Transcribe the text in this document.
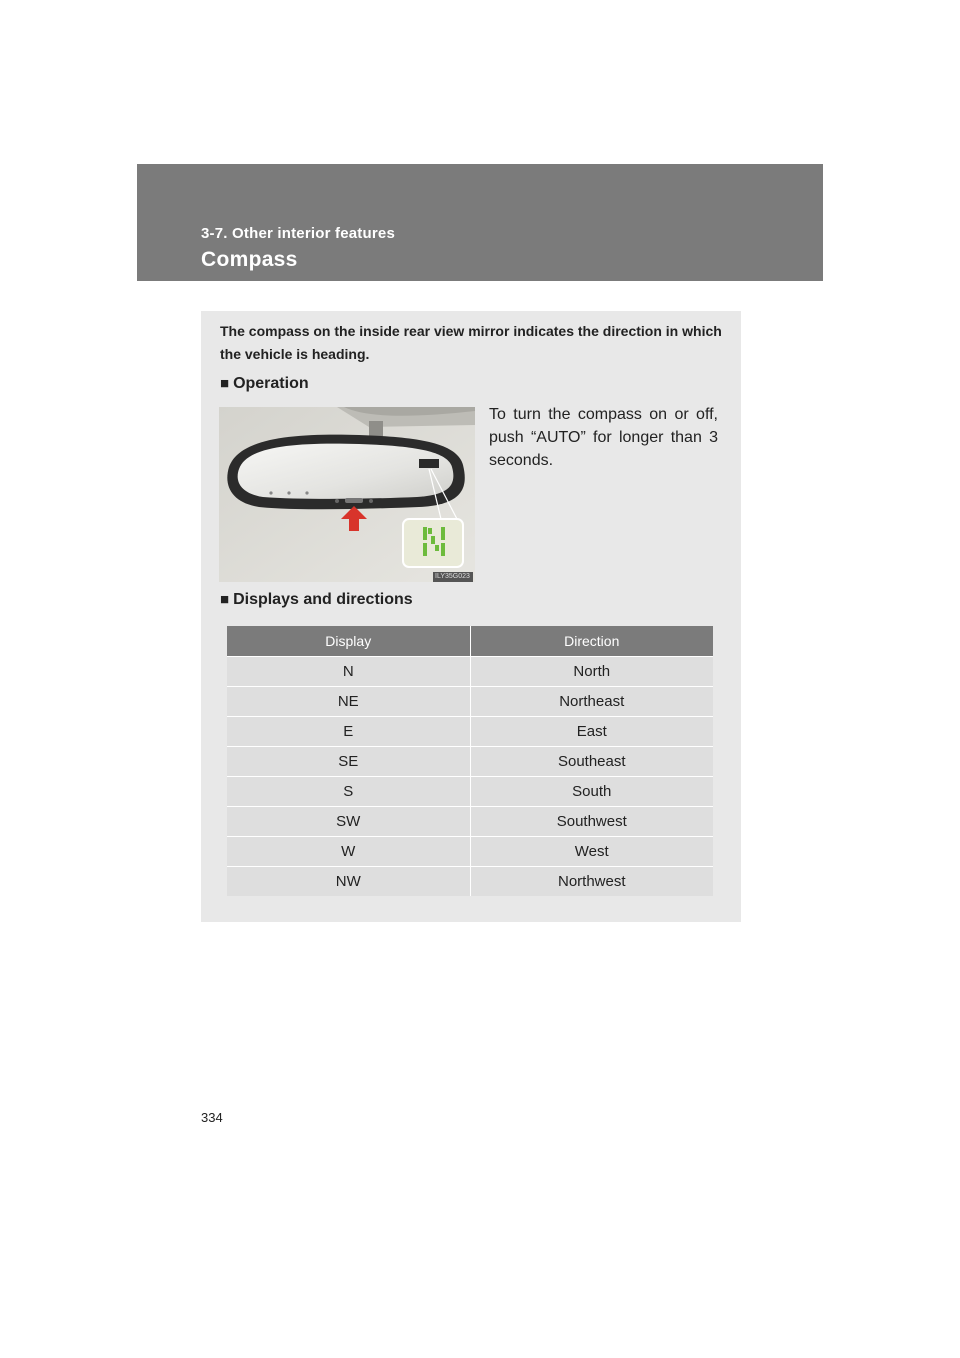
3-7. Other interior features
Compass
The compass on the inside rear view mirror indicates the direction in which the vehicle is heading.
■ Operation
ILY35G023
To turn the compass on or off, push “AUTO” for longer than 3 seconds.
■ Displays and directions
Display	Direction
N	North
NE	Northeast
E	East
SE	Southeast
S	South
SW	Southwest
W	West
NW	Northwest
334
